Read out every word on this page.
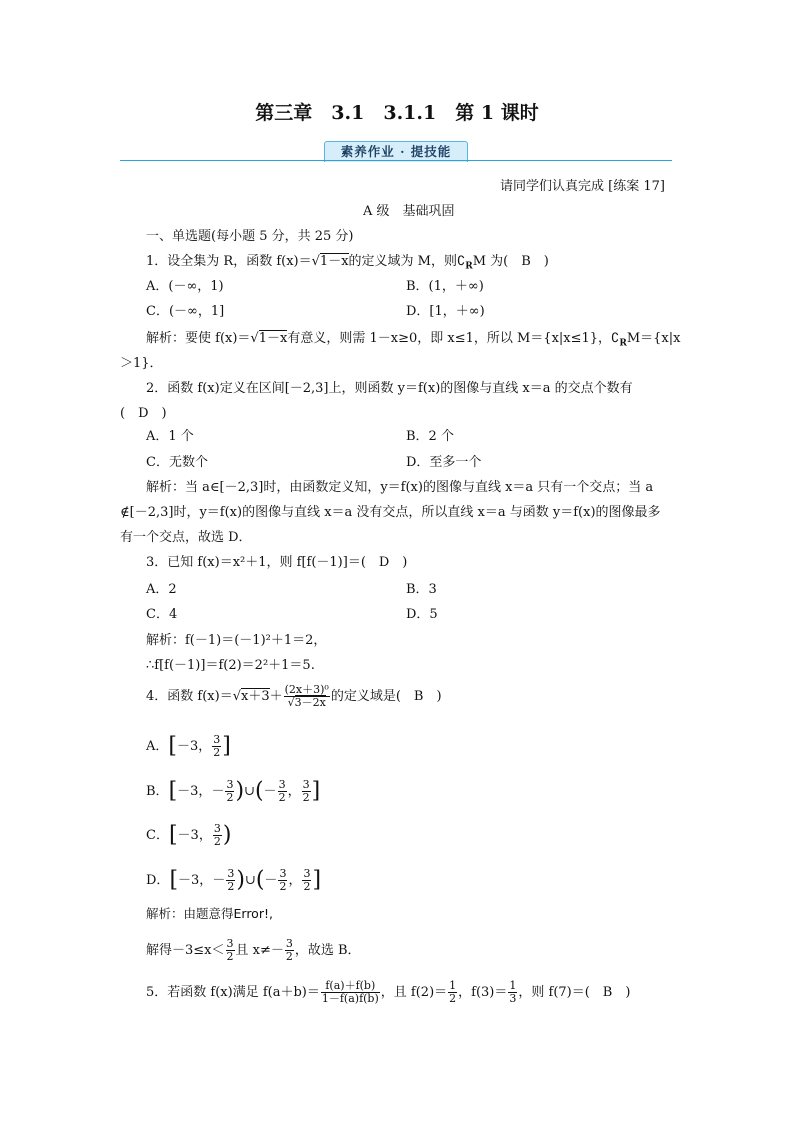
第三章　3.1　3.1.1　第 1 课时
素养作业 · 提技能
请同学们认真完成 [练案 17]
A 级　基础巩固
一、单选题(每小题 5 分，共 25 分)
1．设全集为 R，函数 f(x)＝√1－x的定义域为 M，则$∁_RM$ 为(　B　)
A．(－∞，1)	B．(1，＋∞)
C．(－∞，1]	D．[1，＋∞)
解析：要使 f(x)＝√1－x有意义，则需 1－x≥0，即 x≤1，所以 M＝{x|x≤1}，$∁_RM=\{x|x$
＞1}．
2．函数 f(x)定义在区间[－2,3]上，则函数 y＝f(x)的图像与直线 x＝a 的交点个数有
(　D　)
A．1 个	B．2 个
C．无数个	D．至多一个
解析：当 a∈[－2,3]时，由函数定义知，y＝f(x)的图像与直线 x＝a 只有一个交点；当 a
∉[－2,3]时，y＝f(x)的图像与直线 x＝a 没有交点，所以直线 x＝a 与函数 y＝f(x)的图像最多
有一个交点，故选 D．
3．已知 f(x)＝x²＋1，则 f[f(－1)]＝(　D　)
A．2	B．3
C．4	D．5
解析：f(－1)＝(－1)²＋1＝2，
∴f[f(－1)]＝f(2)＝2²＋1＝5.
4．函数 $f(x)=√x+3+ \frac{\text{(2x＋3)⁰}}{√3-2x}$ 的定义域是(　B　)
A．[－3， $\frac{3}{2}$ ]
B．[－3，－ $\frac{3}{2}$ )∪(－ $\frac{3}{2}$ ， $\frac{3}{2}$ ]
C．[－3， $\frac{3}{2}$ )
D．[－3，－ $\frac{3}{2}$ )∪(－ $\frac{3}{2}$ ， $\frac{3}{2}$ ]
解析：由题意得Error!,
解得$-3\le x< \frac{3}{2}$ 且 $x\ne- \frac{3}{2}$ ，故选 B．
5．若函数 f(x)满足 $f(a+b)= \frac{f(a)+f(b)}{1-f(a)f(b)}$ ，且 $f(2)= \frac{1}{2}$ ，$f(3)= \frac{1}{3}$ ，则 f(7)＝(　B　)
